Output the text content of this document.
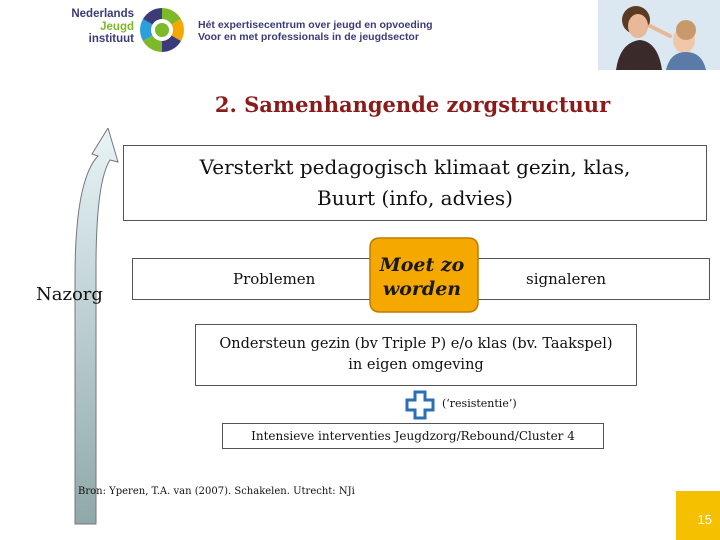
Nederlands
Jeugd
instituut
Hét expertisecentrum over jeugd en opvoeding
Voor en met professionals in de jeugdsector
2. Samenhangende zorgstructuur
Nazorg
Versterkt pedagogisch klimaat gezin, klas,
Buurt (info, advies)
Problemen	signaleren
Moet zo
worden
Ondersteun gezin (bv Triple P) e/o klas (bv. Taakspel)
in eigen omgeving
(‘resistentie’)
Intensieve interventies Jeugdzorg/Rebound/Cluster 4
Bron: Yperen, T.A. van (2007). Schakelen. Utrecht: NJi
15
